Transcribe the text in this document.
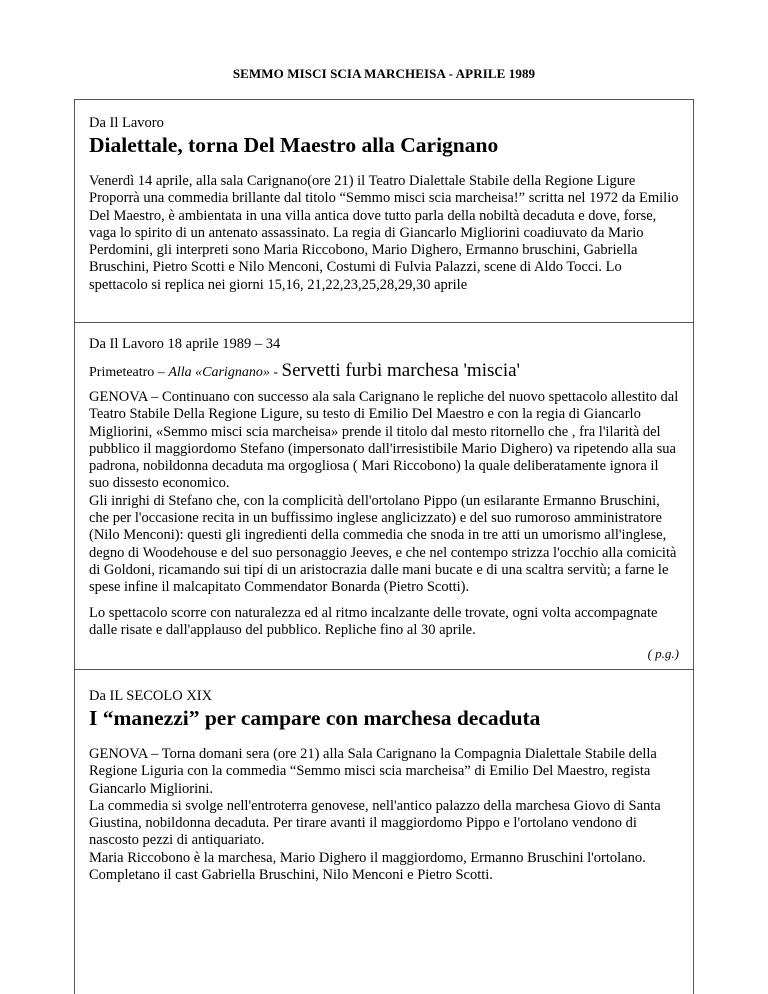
SEMMO MISCI SCIA MARCHEISA - APRILE 1989
Da Il Lavoro
Dialettale, torna Del Maestro alla Carignano

Venerdì 14 aprile, alla sala Carignano(ore 21) il Teatro Dialettale Stabile della Regione Ligure Proporrà una commedia brillante dal titolo “Semmo misci scia marcheisa!” scritta nel 1972 da Emilio Del Maestro, è ambientata in una villa antica dove tutto parla della nobiltà decaduta e dove, forse, vaga lo spirito di un antenato assassinato. La regia di Giancarlo Migliorini coadiuvato da Mario Perdomini, gli interpreti sono Maria Riccobono, Mario Dighero, Ermanno bruschini, Gabriella Bruschini, Pietro Scotti e Nilo Menconi, Costumi di Fulvia Palazzi, scene di Aldo Tocci. Lo spettacolo si replica nei giorni 15,16, 21,22,23,25,28,29,30 aprile

Da Il Lavoro 18 aprile 1989 – 34
Primeteatro – Alla «Carignano» - Servetti furbi marchesa 'miscia'

GENOVA – Continuano con successo ala sala Carignano le repliche del nuovo spettacolo allestito dal Teatro Stabile Della Regione Ligure, su testo di Emilio Del Maestro e con la regia di Giancarlo Migliorini, «Semmo misci scia marcheisa» prende il titolo dal mesto ritornello che , fra l'ilarità del pubblico il maggiordomo Stefano (impersonato dall'irresistibile Mario Dighero) va ripetendo alla sua padrona, nobildonna decaduta ma orgogliosa ( Mari Riccobono) la quale deliberatamente ignora il suo dissesto economico.

Gli inrighi di Stefano che, con la complicità dell'ortolano Pippo (un esilarante Ermanno Bruschini, che per l'occasione recita in un buffissimo inglese anglicizzato) e del suo rumoroso amministratore (Nilo Menconi): questi gli ingredienti della commedia che snoda in tre atti un umorismo all'inglese, degno di Woodehouse e del suo personaggio Jeeves, e che nel contempo strizza l'occhio alla comicità di Goldoni, ricamando sui tipi di un aristocrazia dalle mani bucate e di una scaltra servitù; a farne le spese infine il malcapitato Commendator Bonarda (Pietro Scotti).

Lo spettacolo scorre con naturalezza ed al ritmo incalzante delle trovate, ogni volta accompagnate dalle risate e dall'applauso del pubblico. Repliche fino al 30 aprile.

( p.g.)
Da IL SECOLO XIX
I “manezzi” per campare con marchesa decaduta

GENOVA – Torna domani sera (ore 21) alla Sala Carignano la Compagnia Dialettale Stabile della Regione Liguria con la commedia “Semmo misci scia marcheisa” di Emilio Del Maestro, regista Giancarlo Migliorini.

La commedia si svolge nell'entroterra genovese, nell'antico palazzo della marchesa Giovo di Santa Giustina, nobildonna decaduta. Per tirare avanti il maggiordomo Pippo e l'ortolano vendono di nascosto pezzi di antiquariato.

Maria Riccobono è la marchesa, Mario Dighero il maggiordomo, Ermanno Bruschini l'ortolano. Completano il cast Gabriella Bruschini, Nilo Menconi e Pietro Scotti.
